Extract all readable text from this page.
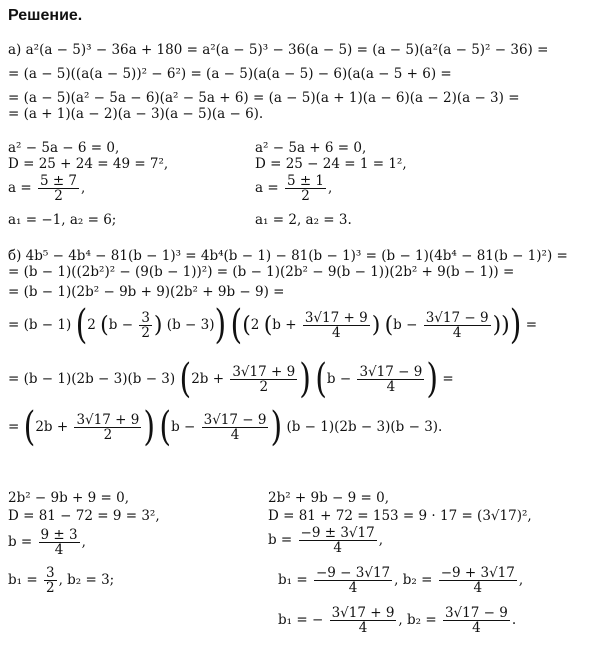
Решение.
а) a²(a − 5)³ − 36a + 180 = a²(a − 5)³ − 36(a − 5) = (a − 5)(a²(a − 5)² − 36) =
= (a − 5)((a(a − 5))² − 6²) = (a − 5)(a(a − 5) − 6)(a(a − 5 + 6) =
= (a − 5)(a² − 5a − 6)(a² − 5a + 6) = (a − 5)(a + 1)(a − 6)(a − 2)(a − 3) =
= (a + 1)(a − 2)(a − 3)(a − 5)(a − 6).
a² − 5a − 6 = 0,
D = 25 + 24 = 49 = 7²,
$a = \frac{5 \pm 7}{2}$ ,
a₁ = −1, a₂ = 6;
a² − 5a + 6 = 0,
D = 25 − 24 = 1 = 1²,
$a = \frac{5 \pm 1}{2}$ ,
a₁ = 2, a₂ = 3.
б) 4b⁵ − 4b⁴ − 81(b − 1)³ = 4b⁴(b − 1) − 81(b − 1)³ = (b − 1)(4b⁴ − 81(b − 1)²) =
= (b − 1)((2b²)² − (9(b − 1))²) = (b − 1)(2b² − 9(b − 1))(2b² + 9(b − 1)) =
= (b − 1)(2b² − 9b + 9)(2b² + 9b − 9) =
= (b − 1) (2 ($b - \frac{3}{2}$ ) (b − 3)) ((2 ($b + \frac{3√17 + 9}{4}$ ) ($b - \frac{3√17 - 9}{4}$ ))) =
= (b − 1)(2b − 3)(b − 3) ($2b + \frac{3√17 + 9}{2}$ ) ($b - \frac{3√17 - 9}{4}$ ) =
= ($2b + \frac{3√17 + 9}{2}$ ) ($b - \frac{3√17 - 9}{4}$ ) (b − 1)(2b − 3)(b − 3).
2b² − 9b + 9 = 0,
D = 81 − 72 = 9 = 3²,
$b = \frac{9 \pm 3}{4}$ ,
$b_1 = \frac{3}{2}$ , b₂ = 3;
2b² + 9b − 9 = 0,
D = 81 + 72 = 153 = 9 · 17 = (3√17)²,
$b = \frac{-9 \pm 3√17}{4}$ ,
$b_1 = \frac{-9 - 3√17}{4}$ , $b_2 = \frac{-9 + 3√17}{4}$ ,
b₁ = − $\frac{3√17 + 9}{4}$ , $b_2 = \frac{3√17 - 9}{4}$ .
